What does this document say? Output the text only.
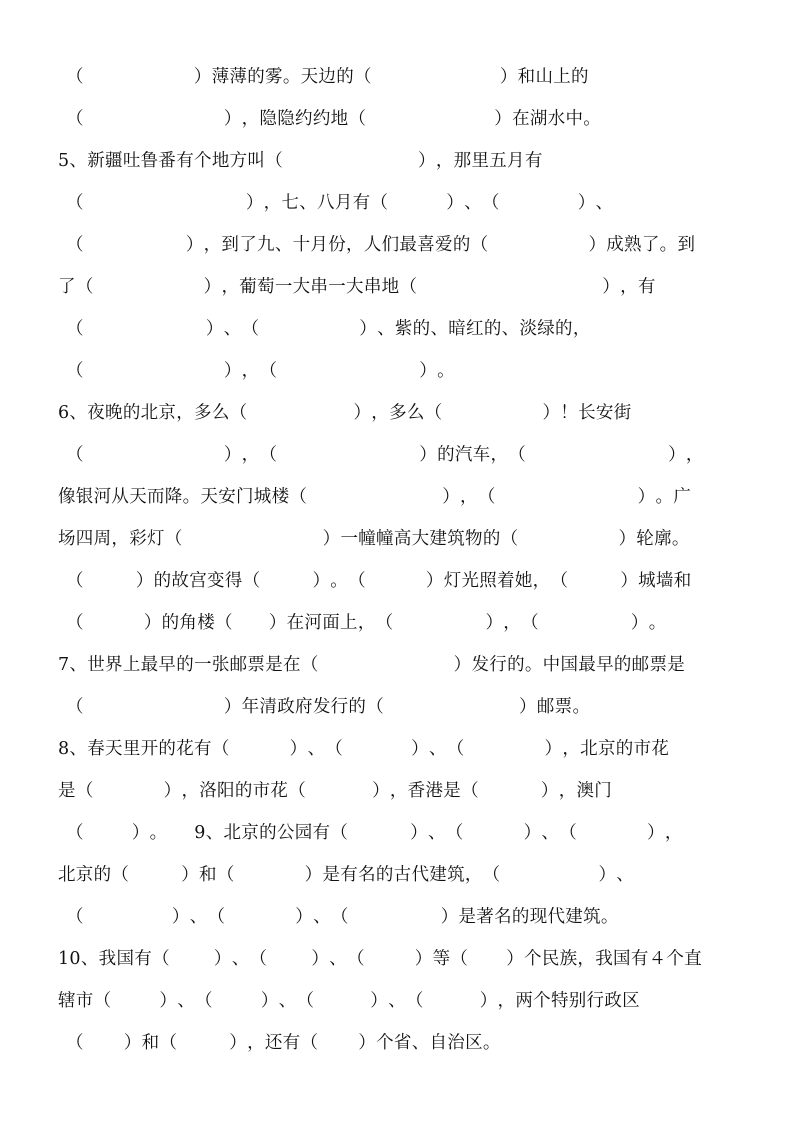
（	）薄薄的雾。天边的（	）和山上的
（	），隐隐约约地（	）在湖水中。
5、新疆吐鲁番有个地方叫（	），那里五月有
（	），七、八月有（	）、（	）、
（	），到了九、十月份，人们最喜爱的（	）成熟了。到
了（	），葡萄一大串一大串地（	），有
（	）、（	）、紫的、暗红的、淡绿的，
（	），（	）。
6、夜晚的北京，多么（	），多么（	）！长安街
（	），（	）的汽车，（	），
像银河从天而降。天安门城楼（	），（	）。广
场四周，彩灯（	）一幢幢高大建筑物的（	）轮廓。
（	）的故宫变得（	）。（	）灯光照着她，（	）城墙和
（	）的角楼（ ）在河面上，（	），（	）。
7、世界上最早的一张邮票是在（	）发行的。中国最早的邮票是
（	）年清政府发行的（	）邮票。
8、春天里开的花有（	）、（	）、（	），北京的市花
是（	），洛阳的市花（	），香港是（	），澳门
（	）。　　9、北京的公园有（	）、（	）、（	），
北京的（	）和（	）是有名的古代建筑，（	）、
（	）、（	）、（	）是著名的现代建筑。
10、我国有（	）、（	）、（	）等（ ）个民族，我国有４个直
辖市（	）、（	）、（	）、（	），两个特别行政区
（ ）和（	），还有（ ）个省、自治区。
